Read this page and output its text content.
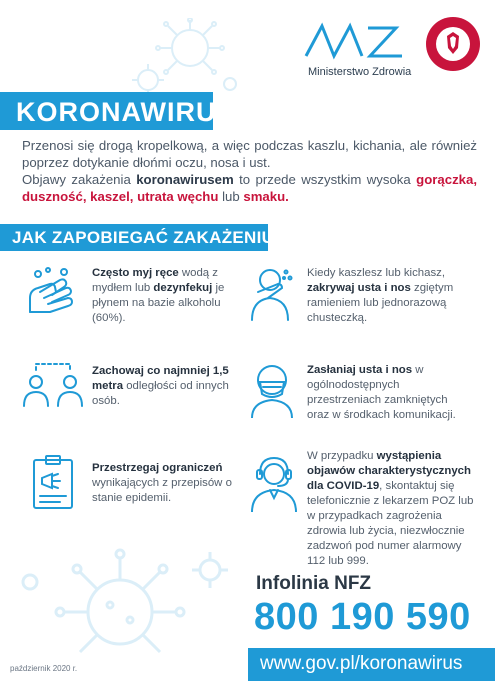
Ministerstwo Zdrowia
KORONAWIRUS

Przenosi się drogą kropelkową, a więc podczas kaszlu, kichania, ale również poprzez dotykanie dłońmi oczu, nosa i ust.

Objawy zakażenia koronawirusem to przede wszystkim wysoka gorączka, duszność, kaszel, utrata węchu lub smaku.

JAK ZAPOBIEGAĆ ZAKAŻENIU?
Często myj ręce wodą z mydłem lub dezynfekuj je płynem na bazie alkoholu (60%).
Zachowaj co najmniej 1,5 metra odległości od innych osób.
Przestrzegaj ograniczeń wynikających z przepisów o stanie epidemii.
Kiedy kaszlesz lub kichasz, zakrywaj usta i nos zgiętym ramieniem lub jednorazową chusteczką.
Zasłaniaj usta i nos w ogólnodostępnych przestrzeniach zamkniętych oraz w środkach komunikacji.
W przypadku wystąpienia objawów charakterystycznych dla COVID-19, skontaktuj się telefonicznie z lekarzem POZ lub w przypadkach zagrożenia zdrowia lub życia, niezwłocznie zadzwoń pod numer alarmowy 112 lub 999.
Infolinia NFZ
800 190 590
www.gov.pl/koronawirus
październik 2020 r.
